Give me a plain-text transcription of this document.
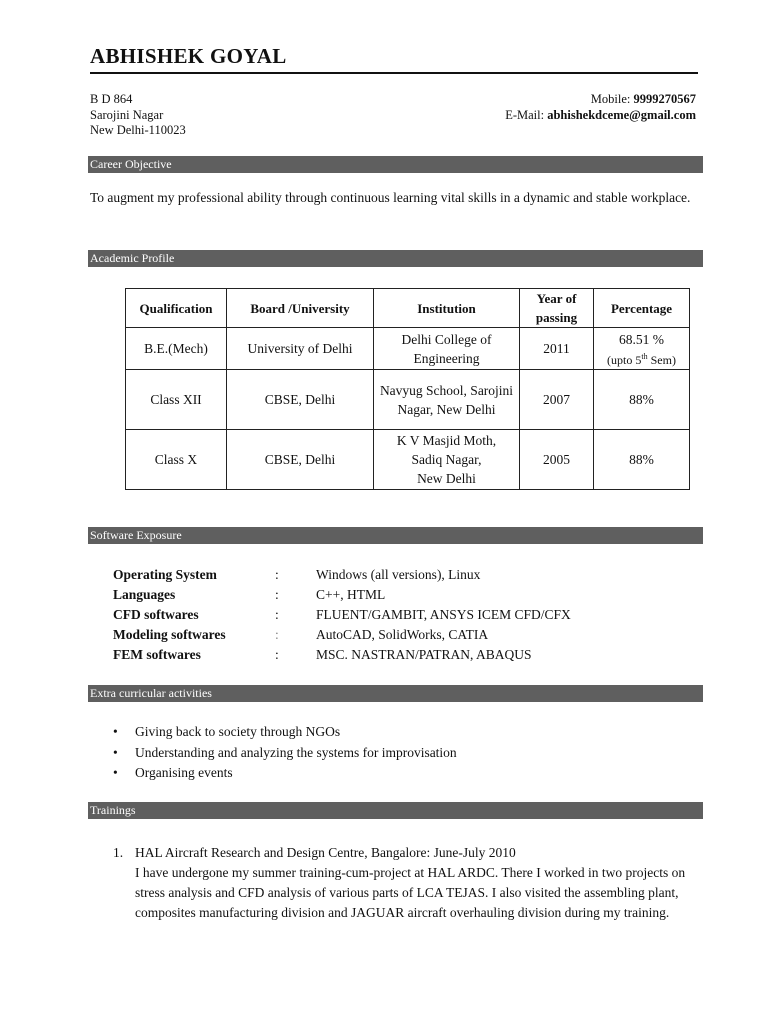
ABHISHEK GOYAL
B D 864
Sarojini Nagar
New Delhi-110023
Mobile: 9999270567
E-Mail: abhishekdceme@gmail.com
Career Objective
To augment my professional ability through continuous learning vital skills in a dynamic and stable workplace.
Academic Profile
Qualification	Board /University	Institution	Year of passing	Percentage
B.E.(Mech)	University of Delhi	Delhi College of Engineering	2011	68.51 %
(upto 5th Sem)

Class XII	CBSE, Delhi	Navyug School, Sarojini Nagar, New Delhi	2007	88%
Class X	CBSE, Delhi	K V Masjid Moth,
Sadiq Nagar,
New Delhi	2005	88%
Software Exposure
Operating System	:	Windows (all versions), Linux
Languages	:	C++, HTML
CFD softwares	:	FLUENT/GAMBIT, ANSYS ICEM CFD/CFX
Modeling softwares	:	AutoCAD, SolidWorks, CATIA
FEM softwares	:	MSC. NASTRAN/PATRAN, ABAQUS
Extra curricular activities
• Giving back to society through NGOs
• Understanding and analyzing the systems for improvisation
• Organising events
Trainings
1. HAL Aircraft Research and Design Centre, Bangalore: June-July 2010
I have undergone my summer training-cum-project at HAL ARDC. There I worked in two projects on stress analysis and CFD analysis of various parts of LCA TEJAS. I also visited the assembling plant, composites manufacturing division and JAGUAR aircraft overhauling division during my training.
